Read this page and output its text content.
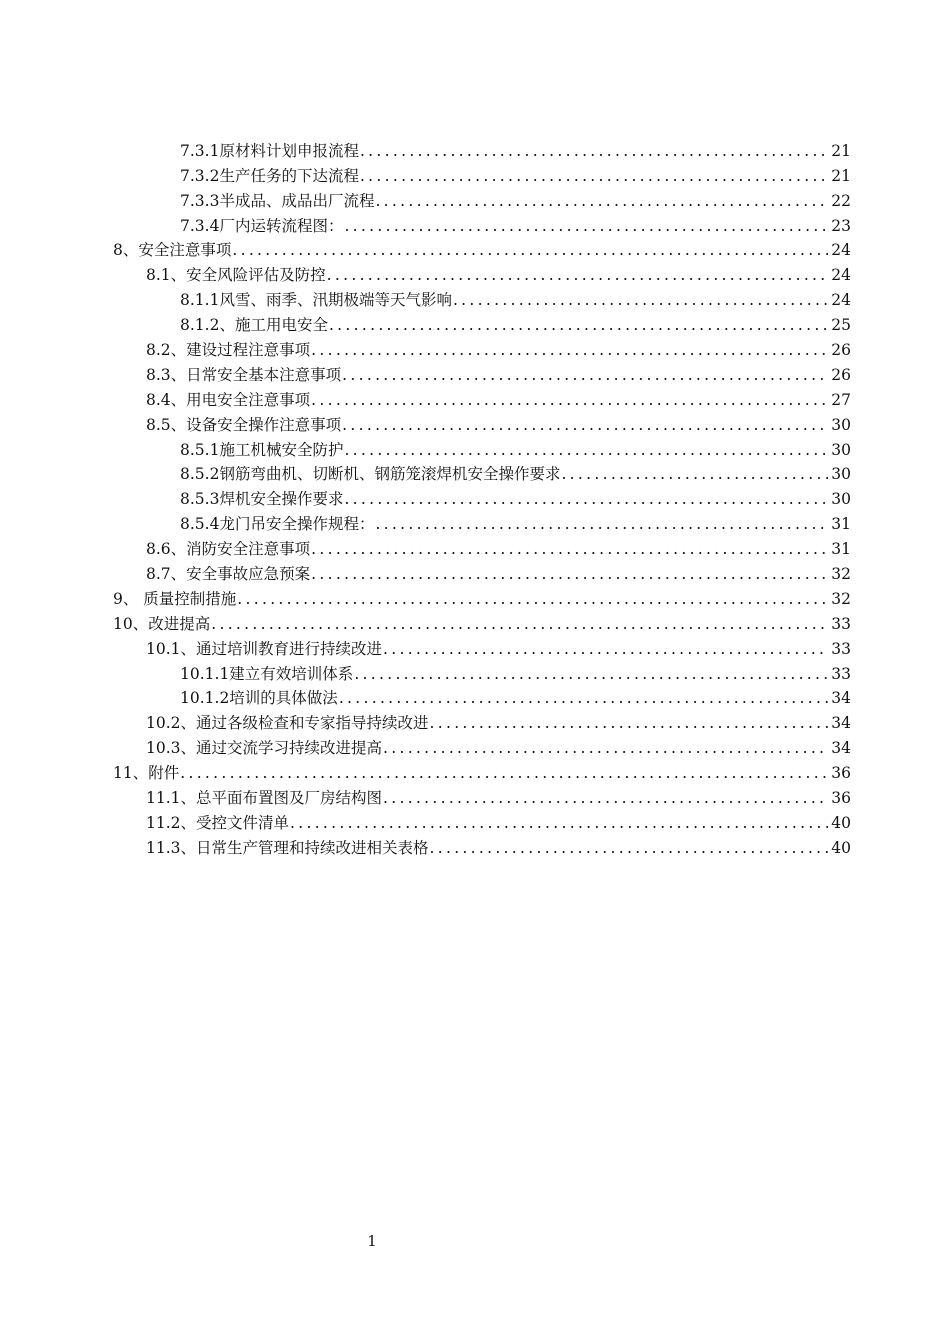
7.3.1原材料计划申报流程 .....	21
7.3.2生产任务的下达流程 .....	21
7.3.3半成品、成品出厂流程 .....	22
7.3.4厂内运转流程图： .....	23
8、安全注意事项 .....	24
8.1、安全风险评估及防控 .....	24
8.1.1风雪、雨季、汛期极端等天气影响 .....	24
8.1.2、施工用电安全 .....	25
8.2、建设过程注意事项 .....	26
8.3、日常安全基本注意事项 .....	26
8.4、用电安全注意事项 .....	27
8.5、设备安全操作注意事项 .....	30
8.5.1施工机械安全防护 .....	30
8.5.2钢筋弯曲机、切断机、钢筋笼滚焊机安全操作要求 .....	30
8.5.3焊机安全操作要求 .....	30
8.5.4龙门吊安全操作规程： .....	31
8.6、消防安全注意事项 .....	31
8.7、安全事故应急预案 .....	32
9、 质量控制措施 .....	32
10、改进提高 .....	33
10.1、通过培训教育进行持续改进 .....	33
10.1.1建立有效培训体系 .....	33
10.1.2培训的具体做法 .....	34
10.2、通过各级检查和专家指导持续改进 .....	34
10.3、通过交流学习持续改进提高 .....	34
11、附件 .....	36
11.1、总平面布置图及厂房结构图 .....	36
11.2、受控文件清单 .....	40
11.3、日常生产管理和持续改进相关表格 .....	40
1
